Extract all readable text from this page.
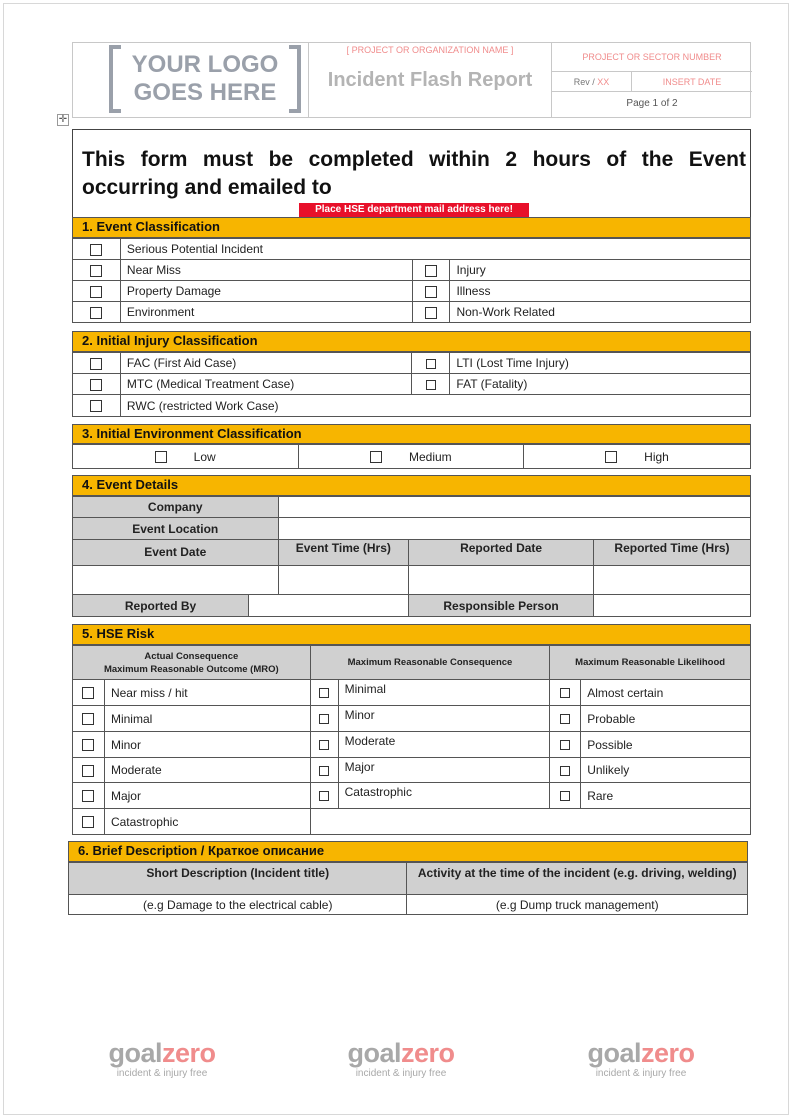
YOUR LOGO
GOES HERE
[ PROJECT OR ORGANIZATION NAME ]
Incident Flash Report
PROJECT OR SECTOR NUMBER
Rev / XX	INSERT DATE
Page 1 of 2
✛
This form must be completed within 2 hours of the Event occurring and emailed to
Place HSE department mail address here!
1. Event Classification
	Serious Potential Incident		
	Near Miss		Injury
	Property Damage		Illness
	Environment		Non-Work Related
2. Initial Injury Classification
	FAC (First Aid Case)		LTI (Lost Time Injury)
	MTC (Medical Treatment Case)		FAT (Fatality)
	RWC (restricted Work Case)		
3. Initial Environment Classification
Low	Medium	High
4. Event Details
Company				
Event Location				
Event Date		Event Time (Hrs)	Reported Date	Reported Time (Hrs)

Reported By			Responsible Person	
5. HSE Risk
Actual Consequence
Maximum Reasonable Outcome (MRO)		Maximum Reasonable Consequence		Maximum Reasonable Likelihood	
	Near miss / hit		Minimal		Almost certain
	Minimal		Minor		Probable
	Minor		Moderate		Possible
	Moderate		Major		Unlikely
	Major		Catastrophic		Rare
	Catastrophic				
6. Brief Description / Краткое описание
Short Description (Incident title)	Activity at the time of the incident (e.g. driving, welding)
(e.g Damage to the electrical cable)	(e.g Dump truck management)
goalzero
incident & injury free
goalzero
incident & injury free
goalzero
incident & injury free
